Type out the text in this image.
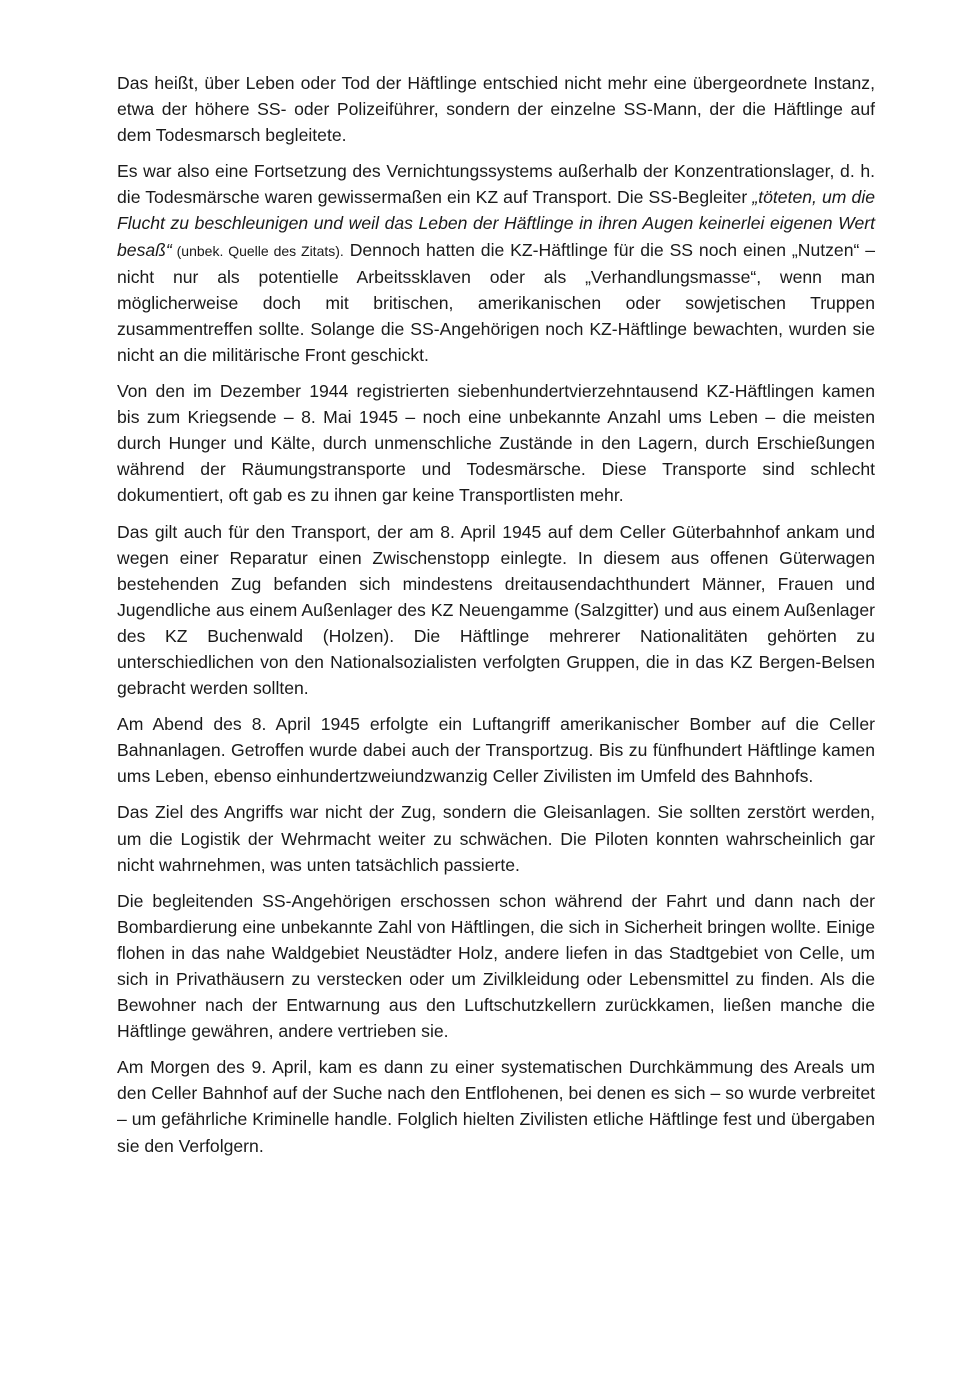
Das heißt, über Leben oder Tod der Häftlinge entschied nicht mehr eine übergeordnete Instanz, etwa der höhere SS- oder Polizeiführer, sondern der einzelne SS-Mann, der die Häftlinge auf dem Todesmarsch begleitete.

Es war also eine Fortsetzung des Vernichtungssystems außerhalb der Konzentrationslager, d. h. die Todesmärsche waren gewissermaßen ein KZ auf Transport. Die SS-Begleiter „töteten, um die Flucht zu beschleunigen und weil das Leben der Häftlinge in ihren Augen keinerlei eigenen Wert besaß“ (unbek. Quelle des Zitats). Dennoch hatten die KZ-Häftlinge für die SS noch einen „Nutzen“ – nicht nur als potentielle Arbeitssklaven oder als „Verhandlungsmasse“, wenn man möglicherweise doch mit britischen, amerikanischen oder sowjetischen Truppen zusammentreffen sollte. Solange die SS-Angehörigen noch KZ-Häftlinge bewachten, wurden sie nicht an die militärische Front geschickt.

Von den im Dezember 1944 registrierten siebenhundertvierzehntausend KZ-Häftlingen kamen bis zum Kriegsende – 8. Mai 1945 – noch eine unbekannte Anzahl ums Leben – die meisten durch Hunger und Kälte, durch unmenschliche Zustände in den Lagern, durch Erschießungen während der Räumungstransporte und Todesmärsche. Diese Transporte sind schlecht dokumentiert, oft gab es zu ihnen gar keine Transportlisten mehr.

Das gilt auch für den Transport, der am 8. April 1945 auf dem Celler Güterbahnhof ankam und wegen einer Reparatur einen Zwischenstopp einlegte. In diesem aus offenen Güterwagen bestehenden Zug befanden sich mindestens dreitausendachthundert Männer, Frauen und Jugendliche aus einem Außenlager des KZ Neuengamme (Salzgitter) und aus einem Außenlager des KZ Buchenwald (Holzen). Die Häftlinge mehrerer Nationalitäten gehörten zu unterschiedlichen von den Nationalsozialisten verfolgten Gruppen, die in das KZ Bergen-Belsen gebracht werden sollten.

Am Abend des 8. April 1945 erfolgte ein Luftangriff amerikanischer Bomber auf die Celler Bahnanlagen. Getroffen wurde dabei auch der Transportzug. Bis zu fünfhundert Häftlinge kamen ums Leben, ebenso einhundertzweiundzwanzig Celler Zivilisten im Umfeld des Bahnhofs.

Das Ziel des Angriffs war nicht der Zug, sondern die Gleisanlagen. Sie sollten zerstört werden, um die Logistik der Wehrmacht weiter zu schwächen. Die Piloten konnten wahrscheinlich gar nicht wahrnehmen, was unten tatsächlich passierte.

Die begleitenden SS-Angehörigen erschossen schon während der Fahrt und dann nach der Bombardierung eine unbekannte Zahl von Häftlingen, die sich in Sicherheit bringen wollte. Einige flohen in das nahe Waldgebiet Neustädter Holz, andere liefen in das Stadtgebiet von Celle, um sich in Privathäusern zu verstecken oder um Zivilkleidung oder Lebensmittel zu finden. Als die Bewohner nach der Entwarnung aus den Luftschutzkellern zurückkamen, ließen manche die Häftlinge gewähren, andere vertrieben sie.

Am Morgen des 9. April, kam es dann zu einer systematischen Durchkämmung des Areals um den Celler Bahnhof auf der Suche nach den Entflohenen, bei denen es sich – so wurde verbreitet – um gefährliche Kriminelle handle. Folglich hielten Zivilisten etliche Häftlinge fest und übergaben sie den Verfolgern.
